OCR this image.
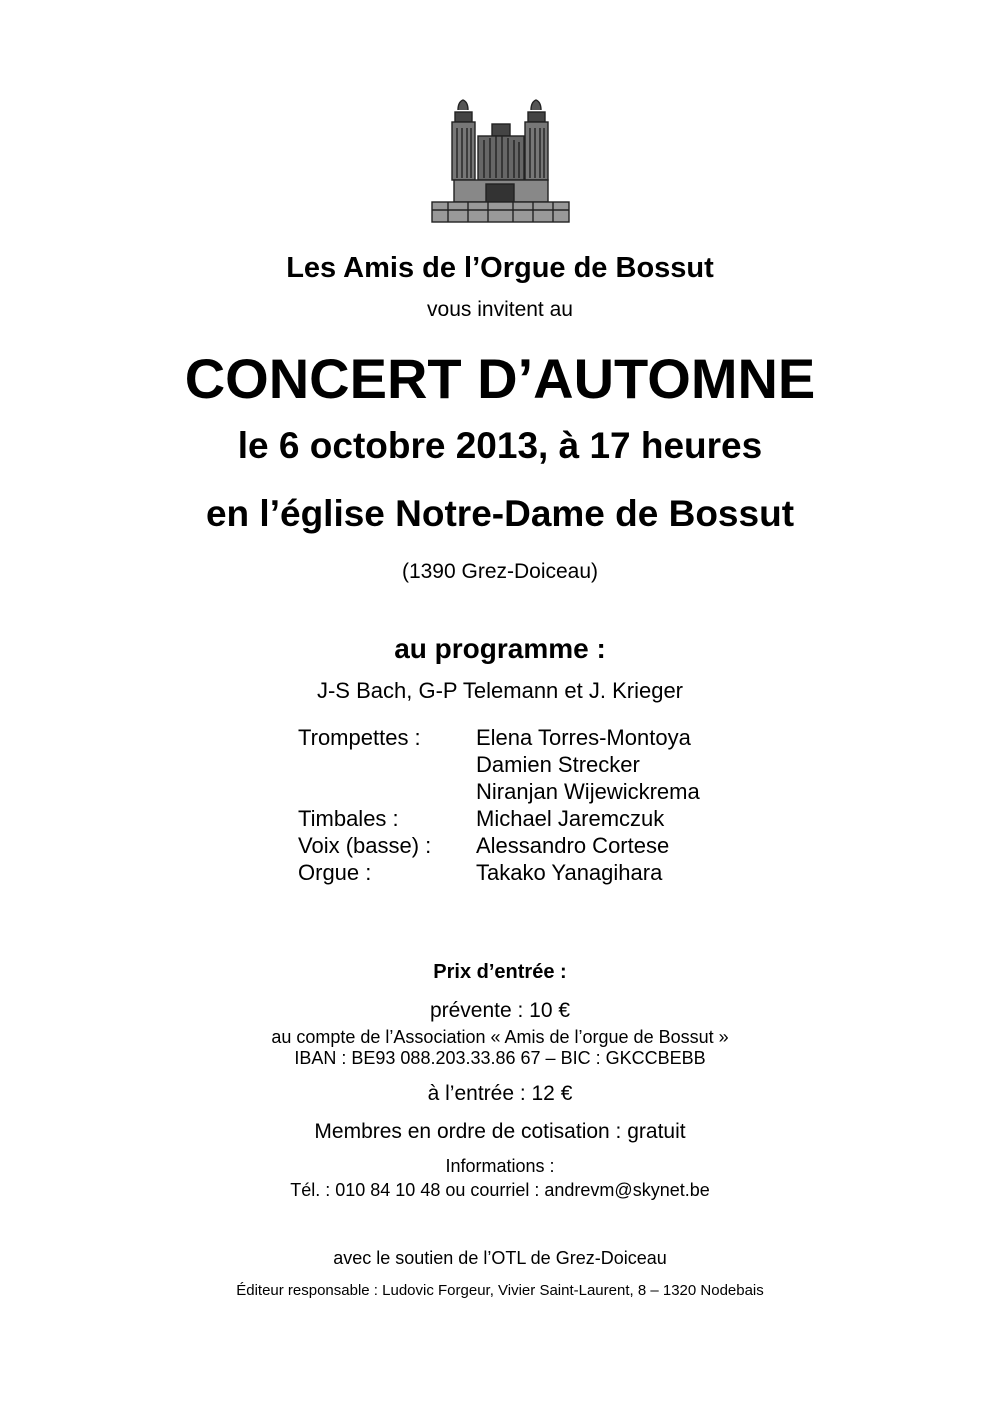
Les Amis de l’Orgue de Bossut
vous invitent au
CONCERT D’AUTOMNE
le 6 octobre 2013, à 17 heures
en l’église Notre-Dame de Bossut
(1390 Grez-Doiceau)
au programme :
J-S Bach, G-P Telemann et J. Krieger
Trompettes :	Elena Torres-Montoya
Damien Strecker
Niranjan Wijewickrema
Timbales :	Michael Jaremczuk
Voix (basse) : Alessandro Cortese
Orgue :	Takako Yanagihara
Prix d’entrée :
prévente : 10 €
au compte de l’Association « Amis de l’orgue de Bossut »
IBAN : BE93 088.203.33.86 67 – BIC : GKCCBEBB
à l’entrée : 12 €
Membres en ordre de cotisation : gratuit
Informations :
Tél. : 010 84 10 48 ou courriel : andrevm@skynet.be
avec le soutien de l’OTL de Grez-Doiceau
Éditeur responsable : Ludovic Forgeur, Vivier Saint-Laurent, 8 – 1320 Nodebais
